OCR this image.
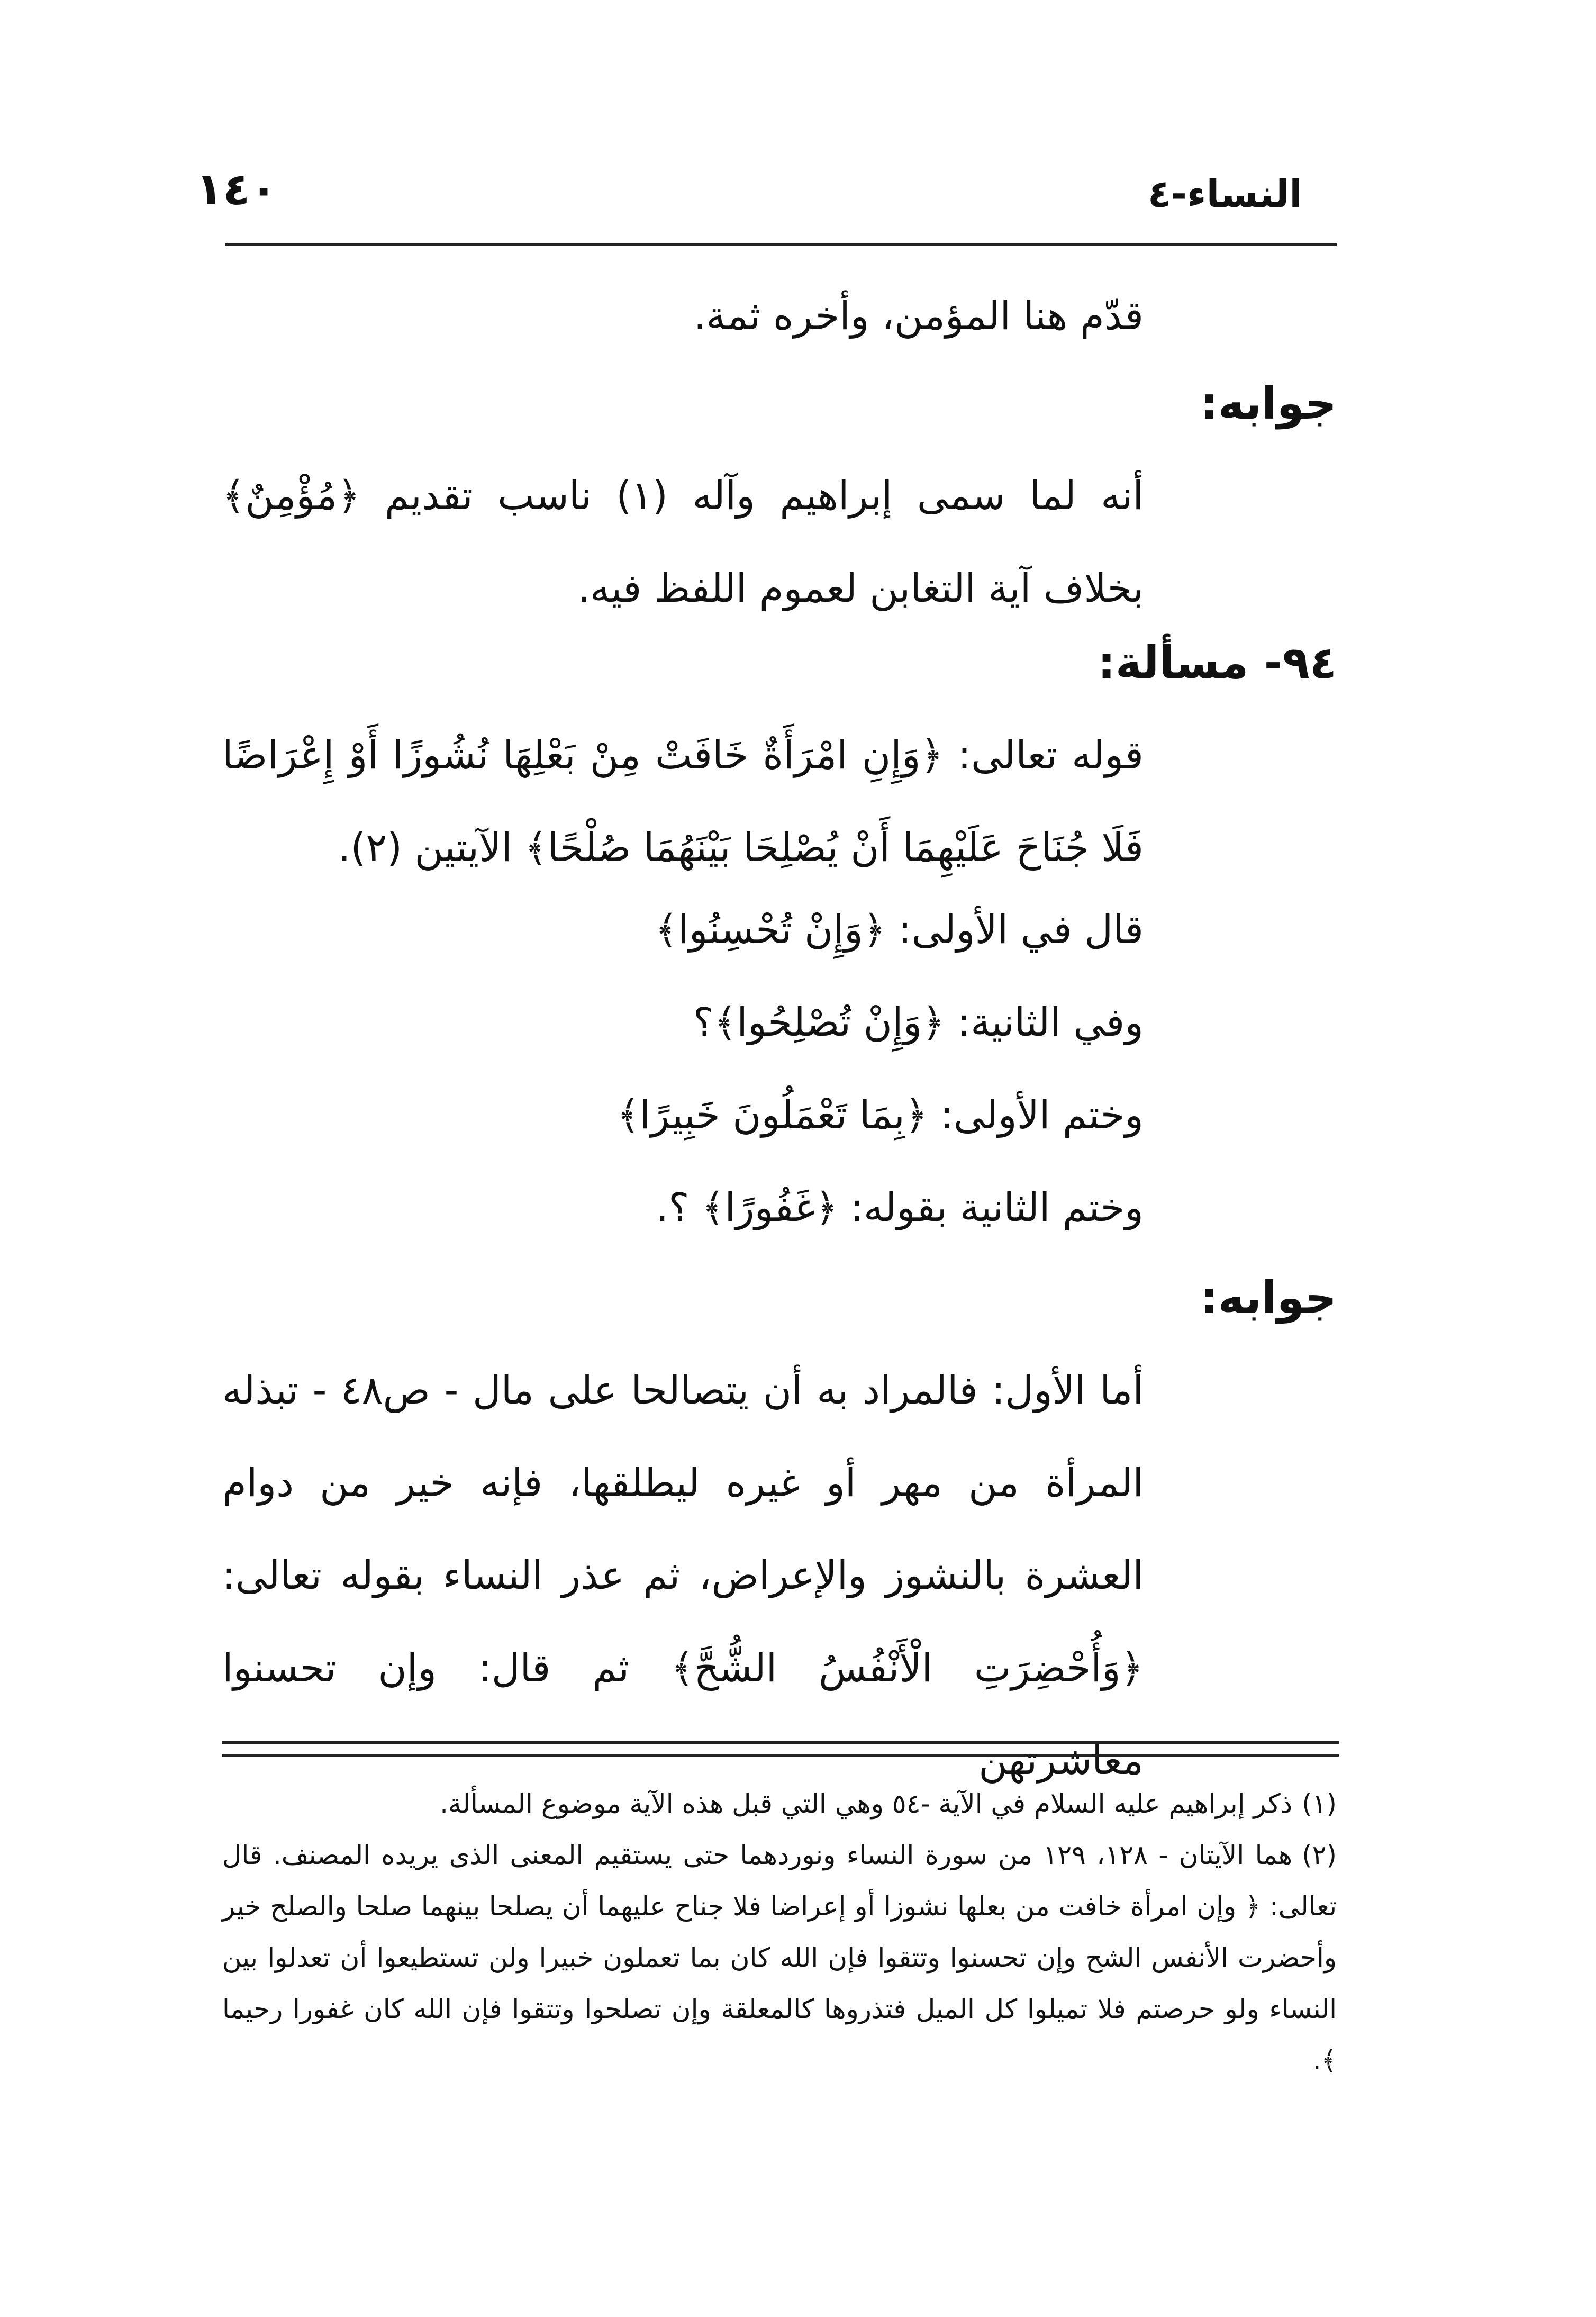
النساء-٤
١٤٠

قدّم هنا المؤمن، وأخره ثمة.

جوابه:

أنه لما سمى إبراهيم وآله (١) ناسب تقديم ﴿مُؤْمِنٌ﴾ بخلاف آية التغابن لعموم اللفظ فيه.

٩٤- مسألة:

قوله تعالى: ﴿وَإِنِ امْرَأَةٌ خَافَتْ مِنْ بَعْلِهَا نُشُوزًا أَوْ إِعْرَاضًا فَلَا جُنَاحَ عَلَيْهِمَا أَنْ يُصْلِحَا بَيْنَهُمَا صُلْحًا﴾ الآيتين (٢).

قال في الأولى: ﴿وَإِنْ تُحْسِنُوا﴾

وفي الثانية: ﴿وَإِنْ تُصْلِحُوا﴾؟

وختم الأولى: ﴿بِمَا تَعْمَلُونَ خَبِيرًا﴾

وختم الثانية بقوله: ﴿غَفُورًا﴾ ؟.

جوابه:

أما الأول: فالمراد به أن يتصالحا على مال - ص٤٨ - تبذله المرأة من مهر أو غيره ليطلقها، فإنه خير من دوام العشرة بالنشوز والإعراض، ثم عذر النساء بقوله تعالى: ﴿وَأُحْضِرَتِ الْأَنْفُسُ الشُّحَّ﴾ ثم قال: وإن تحسنوا معاشرتهن

(١)ذكر إبراهيم عليه السلام في الآية -٥٤ وهي التي قبل هذه الآية موضوع المسألة.

(٢)هما الآيتان - ١٢٨، ١٢٩ من سورة النساء ونوردهما حتى يستقيم المعنى الذى يريده المصنف. قال تعالى: ﴿ وإن امرأة خافت من بعلها نشوزا أو إعراضا فلا جناح عليهما أن يصلحا بينهما صلحا والصلح خير وأحضرت الأنفس الشح وإن تحسنوا وتتقوا فإن الله كان بما تعملون خبيرا ولن تستطيعوا أن تعدلوا بين النساء ولو حرصتم فلا تميلوا كل الميل فتذروها كالمعلقة وإن تصلحوا وتتقوا فإن الله كان غفورا رحيما ﴾.
